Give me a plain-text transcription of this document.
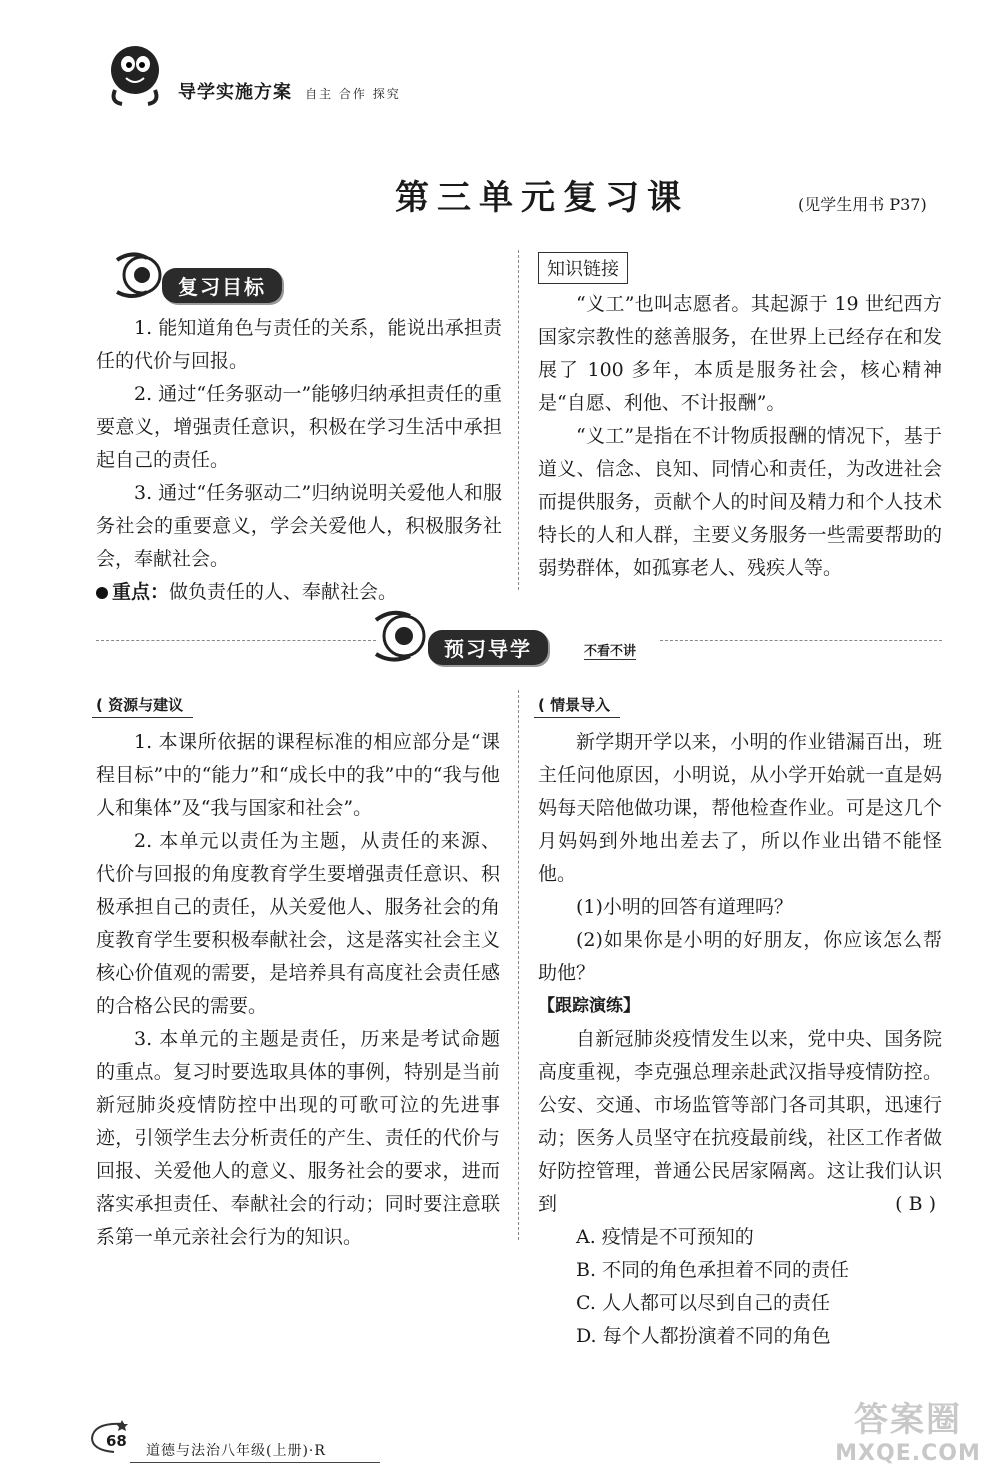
导学实施方案 自主 合作 探究
第三单元复习课	(见学生用书 P37)
复习目标

1. 能知道角色与责任的关系，能说出承担责任的代价与回报。

2. 通过“任务驱动一”能够归纳承担责任的重要意义，增强责任意识，积极在学习生活中承担起自己的责任。

3. 通过“任务驱动二”归纳说明关爱他人和服务社会的重要意义，学会关爱他人，积极服务社会，奉献社会。

重点：做负责任的人、奉献社会。

知识链接

“义工”也叫志愿者。其起源于 19 世纪西方国家宗教性的慈善服务，在世界上已经存在和发展了 100 多年，本质是服务社会，核心精神是“自愿、利他、不计报酬”。

“义工”是指在不计物质报酬的情况下，基于道义、信念、良知、同情心和责任，为改进社会而提供服务，贡献个人的时间及精力和个人技术特长的人和人群，主要义务服务一些需要帮助的弱势群体，如孤寡老人、残疾人等。

预习导学	不看不讲
( 资源与建议

1. 本课所依据的课程标准的相应部分是“课程目标”中的“能力”和“成长中的我”中的“我与他人和集体”及“我与国家和社会”。

2. 本单元以责任为主题，从责任的来源、代价与回报的角度教育学生要增强责任意识、积极承担自己的责任，从关爱他人、服务社会的角度教育学生要积极奉献社会，这是落实社会主义核心价值观的需要，是培养具有高度社会责任感的合格公民的需要。

3. 本单元的主题是责任，历来是考试命题的重点。复习时要选取具体的事例，特别是当前新冠肺炎疫情防控中出现的可歌可泣的先进事迹，引领学生去分析责任的产生、责任的代价与回报、关爱他人的意义、服务社会的要求，进而落实承担责任、奉献社会的行动；同时要注意联系第一单元亲社会行为的知识。

( 情景导入

新学期开学以来，小明的作业错漏百出，班主任问他原因，小明说，从小学开始就一直是妈妈每天陪他做功课，帮他检查作业。可是这几个月妈妈到外地出差去了，所以作业出错不能怪他。

(1)小明的回答有道理吗？

(2)如果你是小明的好朋友，你应该怎么帮助他？

【跟踪演练】

自新冠肺炎疫情发生以来，党中央、国务院高度重视，李克强总理亲赴武汉指导疫情防控。公安、交通、市场监管等部门各司其职，迅速行动；医务人员坚守在抗疫最前线，社区工作者做好防控管理，普通公民居家隔离。这让我们认识到	( B )

A. 疫情是不可预知的

B. 不同的角色承担着不同的责任

C. 人人都可以尽到自己的责任

D. 每个人都扮演着不同的角色

68
道德与法治八年级(上册)·R
答案圈
MXQE.COM
